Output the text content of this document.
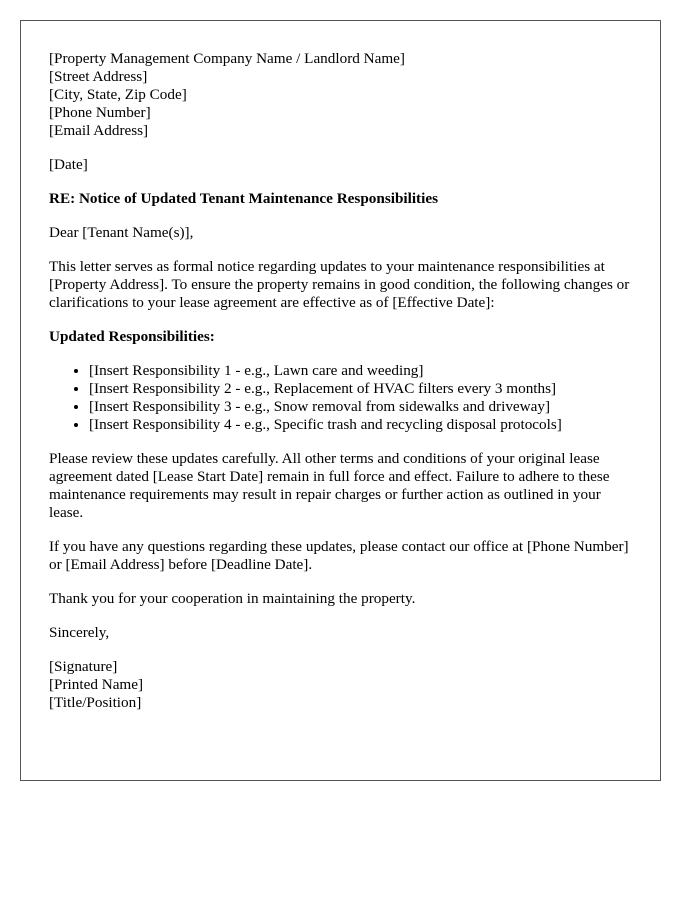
[Property Management Company Name / Landlord Name]
[Street Address]
[City, State, Zip Code]
[Phone Number]
[Email Address]

[Date]

RE: Notice of Updated Tenant Maintenance Responsibilities

Dear [Tenant Name(s)],

This letter serves as formal notice regarding updates to your maintenance responsibilities at [Property Address]. To ensure the property remains in good condition, the following changes or clarifications to your lease agreement are effective as of [Effective Date]:

Updated Responsibilities:

• [Insert Responsibility 1 - e.g., Lawn care and weeding]
• [Insert Responsibility 2 - e.g., Replacement of HVAC filters every 3 months]
• [Insert Responsibility 3 - e.g., Snow removal from sidewalks and driveway]
• [Insert Responsibility 4 - e.g., Specific trash and recycling disposal protocols]

Please review these updates carefully. All other terms and conditions of your original lease agreement dated [Lease Start Date] remain in full force and effect. Failure to adhere to these maintenance requirements may result in repair charges or further action as outlined in your lease.

If you have any questions regarding these updates, please contact our office at [Phone Number] or [Email Address] before [Deadline Date].

Thank you for your cooperation in maintaining the property.

Sincerely,

[Signature]
[Printed Name]
[Title/Position]
